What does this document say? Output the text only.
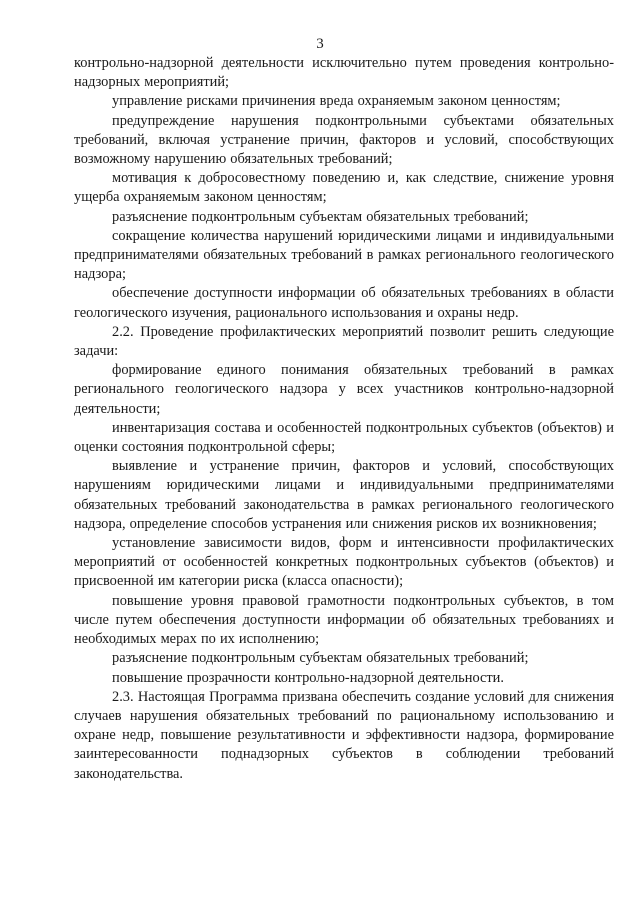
3

контрольно-надзорной деятельности исключительно путем проведения контрольно-надзорных мероприятий;

управление рисками причинения вреда охраняемым законом ценностям;

предупреждение нарушения подконтрольными субъектами обязательных требований, включая устранение причин, факторов и условий, способствующих возможному нарушению обязательных требований;

мотивация к добросовестному поведению и, как следствие, снижение уровня ущерба охраняемым законом ценностям;

разъяснение подконтрольным субъектам обязательных требований;

сокращение количества нарушений юридическими лицами и индивидуальными предпринимателями обязательных требований в рамках регионального геологического надзора;

обеспечение доступности информации об обязательных требованиях в области геологического изучения, рационального использования и охраны недр.

2.2. Проведение профилактических мероприятий позволит решить следующие задачи:

формирование единого понимания обязательных требований в рамках регионального геологического надзора у всех участников контрольно-надзорной деятельности;

инвентаризация состава и особенностей подконтрольных субъектов (объектов) и оценки состояния подконтрольной сферы;

выявление и устранение причин, факторов и условий, способствующих нарушениям юридическими лицами и индивидуальными предпринимателями обязательных требований законодательства в рамках регионального геологического надзора, определение способов устранения или снижения рисков их возникновения;

установление зависимости видов, форм и интенсивности профилактических мероприятий от особенностей конкретных подконтрольных субъектов (объектов) и присвоенной им категории риска (класса опасности);

повышение уровня правовой грамотности подконтрольных субъектов, в том числе путем обеспечения доступности информации об обязательных требованиях и необходимых мерах по их исполнению;

разъяснение подконтрольным субъектам обязательных требований;

повышение прозрачности контрольно-надзорной деятельности.

2.3. Настоящая Программа призвана обеспечить создание условий для снижения случаев нарушения обязательных требований по рациональному использованию и охране недр, повышение результативности и эффективности надзора, формирование заинтересованности поднадзорных субъектов в соблюдении требований законодательства.
